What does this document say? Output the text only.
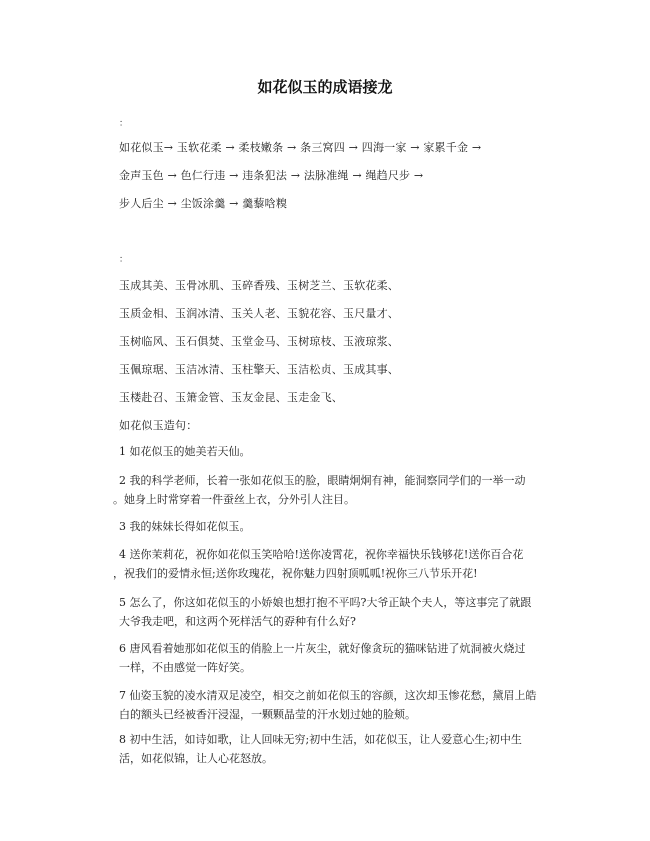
如花似玉的成语接龙
：
如花似玉→ 玉软花柔 → 柔枝嫩条 → 条三窝四 → 四海一家 → 家累千金 →
金声玉色 → 色仁行违 → 违条犯法 → 法脉准绳 → 绳趋尺步 →
步人后尘 → 尘饭涂羹 → 羹藜唅糗
：
玉成其美、玉骨冰肌、玉碎香残、玉树芝兰、玉软花柔、
玉质金相、玉润冰清、玉关人老、玉貌花容、玉尺量才、
玉树临风、玉石俱焚、玉堂金马、玉树琼枝、玉液琼浆、
玉佩琼琚、玉洁冰清、玉柱擎天、玉洁松贞、玉成其事、
玉楼赴召、玉箫金管、玉友金昆、玉走金飞、
如花似玉造句：
1 如花似玉的她美若天仙。
2 我的科学老师，长着一张如花似玉的脸，眼睛炯炯有神，能洞察同学们的一举一动

。她身上时常穿着一件蚕丝上衣，分外引人注目。
3 我的妹妹长得如花似玉。
4 送你茉莉花，祝你如花似玉笑哈哈!送你凌霄花，祝你幸福快乐钱够花!送你百合花

，祝我们的爱情永恒;送你玫瑰花，祝你魅力四射顶呱呱!祝你三八节乐开花!
5 怎么了，你这如花似玉的小娇娘也想打抱不平吗?大爷正缺个夫人，等这事完了就跟
大爷我走吧，和这两个死样活气的孬种有什么好?
6 唐风看着她那如花似玉的俏脸上一片灰尘，就好像贪玩的猫咪钻进了炕洞被火烧过
一样，不由感觉一阵好笑。
7 仙姿玉貌的凌水清双足凌空，相交之前如花似玉的容颜，这次却玉惨花愁，黛眉上皓
白的额头已经被香汗浸湿，一颗颗晶莹的汗水划过她的脸颊。
8 初中生活，如诗如歌，让人回味无穷;初中生活，如花似玉，让人爱意心生;初中生
活，如花似锦，让人心花怒放。
